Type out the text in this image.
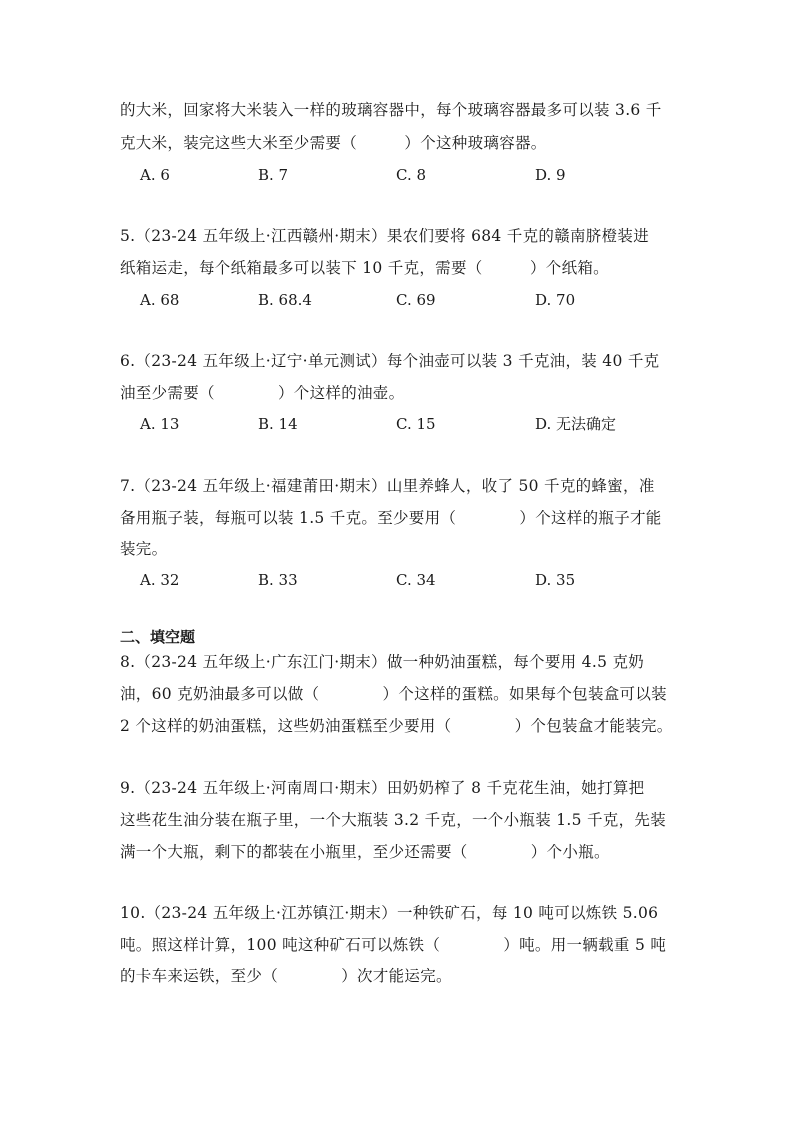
的大米，回家将大米装入一样的玻璃容器中，每个玻璃容器最多可以装 3.6 千
克大米，装完这些大米至少需要（　　　）个这种玻璃容器。
A. 6	B. 7	C. 8	D. 9
5.（23-24 五年级上·江西赣州·期末）果农们要将 684 千克的赣南脐橙装进
纸箱运走，每个纸箱最多可以装下 10 千克，需要（　　　）个纸箱。
A. 68	B. 68.4	C. 69	D. 70
6.（23-24 五年级上·辽宁·单元测试）每个油壶可以装 3 千克油，装 40 千克
油至少需要（　　　　）个这样的油壶。
A. 13	B. 14	C. 15	D. 无法确定
7.（23-24 五年级上·福建莆田·期末）山里养蜂人，收了 50 千克的蜂蜜，准
备用瓶子装，每瓶可以装 1.5 千克。至少要用（　　　　）个这样的瓶子才能
装完。
A. 32	B. 33	C. 34	D. 35
二、填空题
8.（23-24 五年级上·广东江门·期末）做一种奶油蛋糕，每个要用 4.5 克奶
油，60 克奶油最多可以做（　　　　）个这样的蛋糕。如果每个包装盒可以装
2 个这样的奶油蛋糕，这些奶油蛋糕至少要用（　　　　）个包装盒才能装完。
9.（23-24 五年级上·河南周口·期末）田奶奶榨了 8 千克花生油，她打算把
这些花生油分装在瓶子里，一个大瓶装 3.2 千克，一个小瓶装 1.5 千克，先装
满一个大瓶，剩下的都装在小瓶里，至少还需要（　　　　）个小瓶。
10.（23-24 五年级上·江苏镇江·期末）一种铁矿石，每 10 吨可以炼铁 5.06
吨。照这样计算，100 吨这种矿石可以炼铁（　　　　）吨。用一辆载重 5 吨
的卡车来运铁，至少（　　　　）次才能运完。
